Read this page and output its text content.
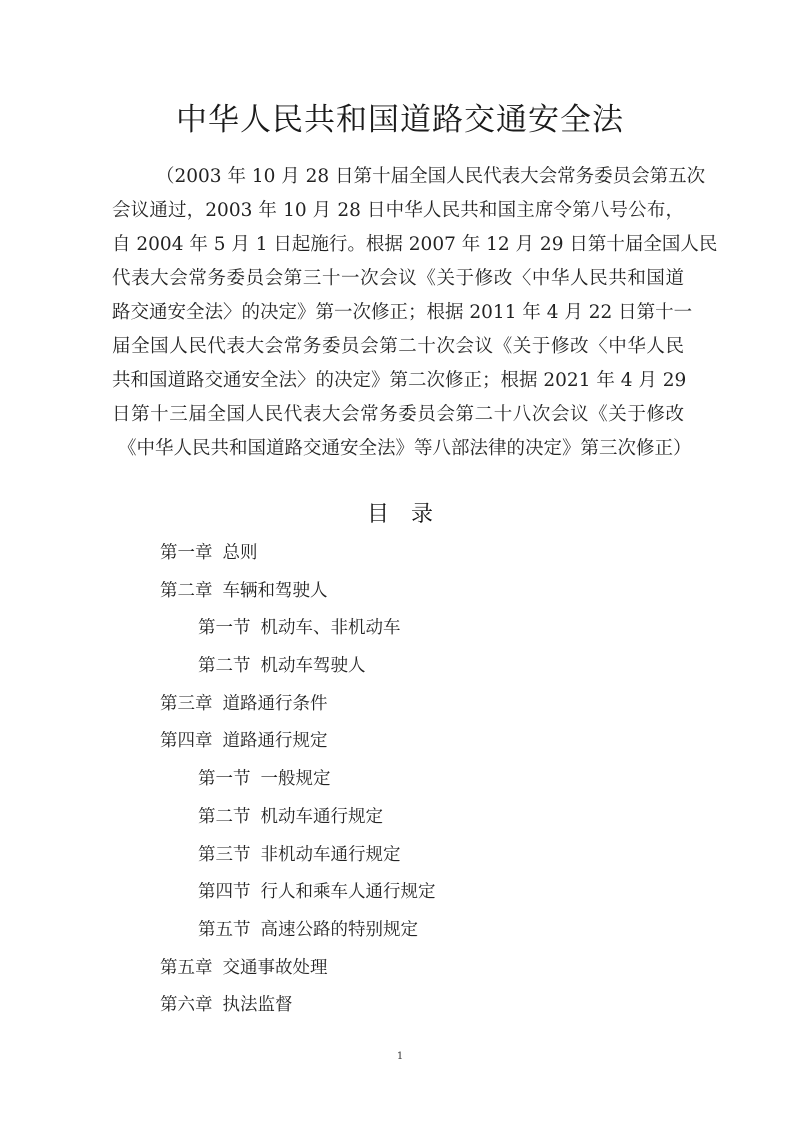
中华人民共和国道路交通安全法
（2003 年 10 月 28 日第十届全国人民代表大会常务委员会第五次
会议通过，2003 年 10 月 28 日中华人民共和国主席令第八号公布，
自 2004 年 5 月 1 日起施行。根据 2007 年 12 月 29 日第十届全国人民
代表大会常务委员会第三十一次会议《关于修改〈中华人民共和国道
路交通安全法〉的决定》第一次修正；根据 2011 年 4 月 22 日第十一
届全国人民代表大会常务委员会第二十次会议《关于修改〈中华人民
共和国道路交通安全法〉的决定》第二次修正；根据 2021 年 4 月 29
日第十三届全国人民代表大会常务委员会第二十八次会议《关于修改
《中华人民共和国道路交通安全法》等八部法律的决定》第三次修正）
目 录
第一章 总则
第二章 车辆和驾驶人
第一节 机动车、非机动车
第二节 机动车驾驶人
第三章 道路通行条件
第四章 道路通行规定
第一节 一般规定
第二节 机动车通行规定
第三节 非机动车通行规定
第四节 行人和乘车人通行规定
第五节 高速公路的特别规定
第五章 交通事故处理
第六章 执法监督
1
